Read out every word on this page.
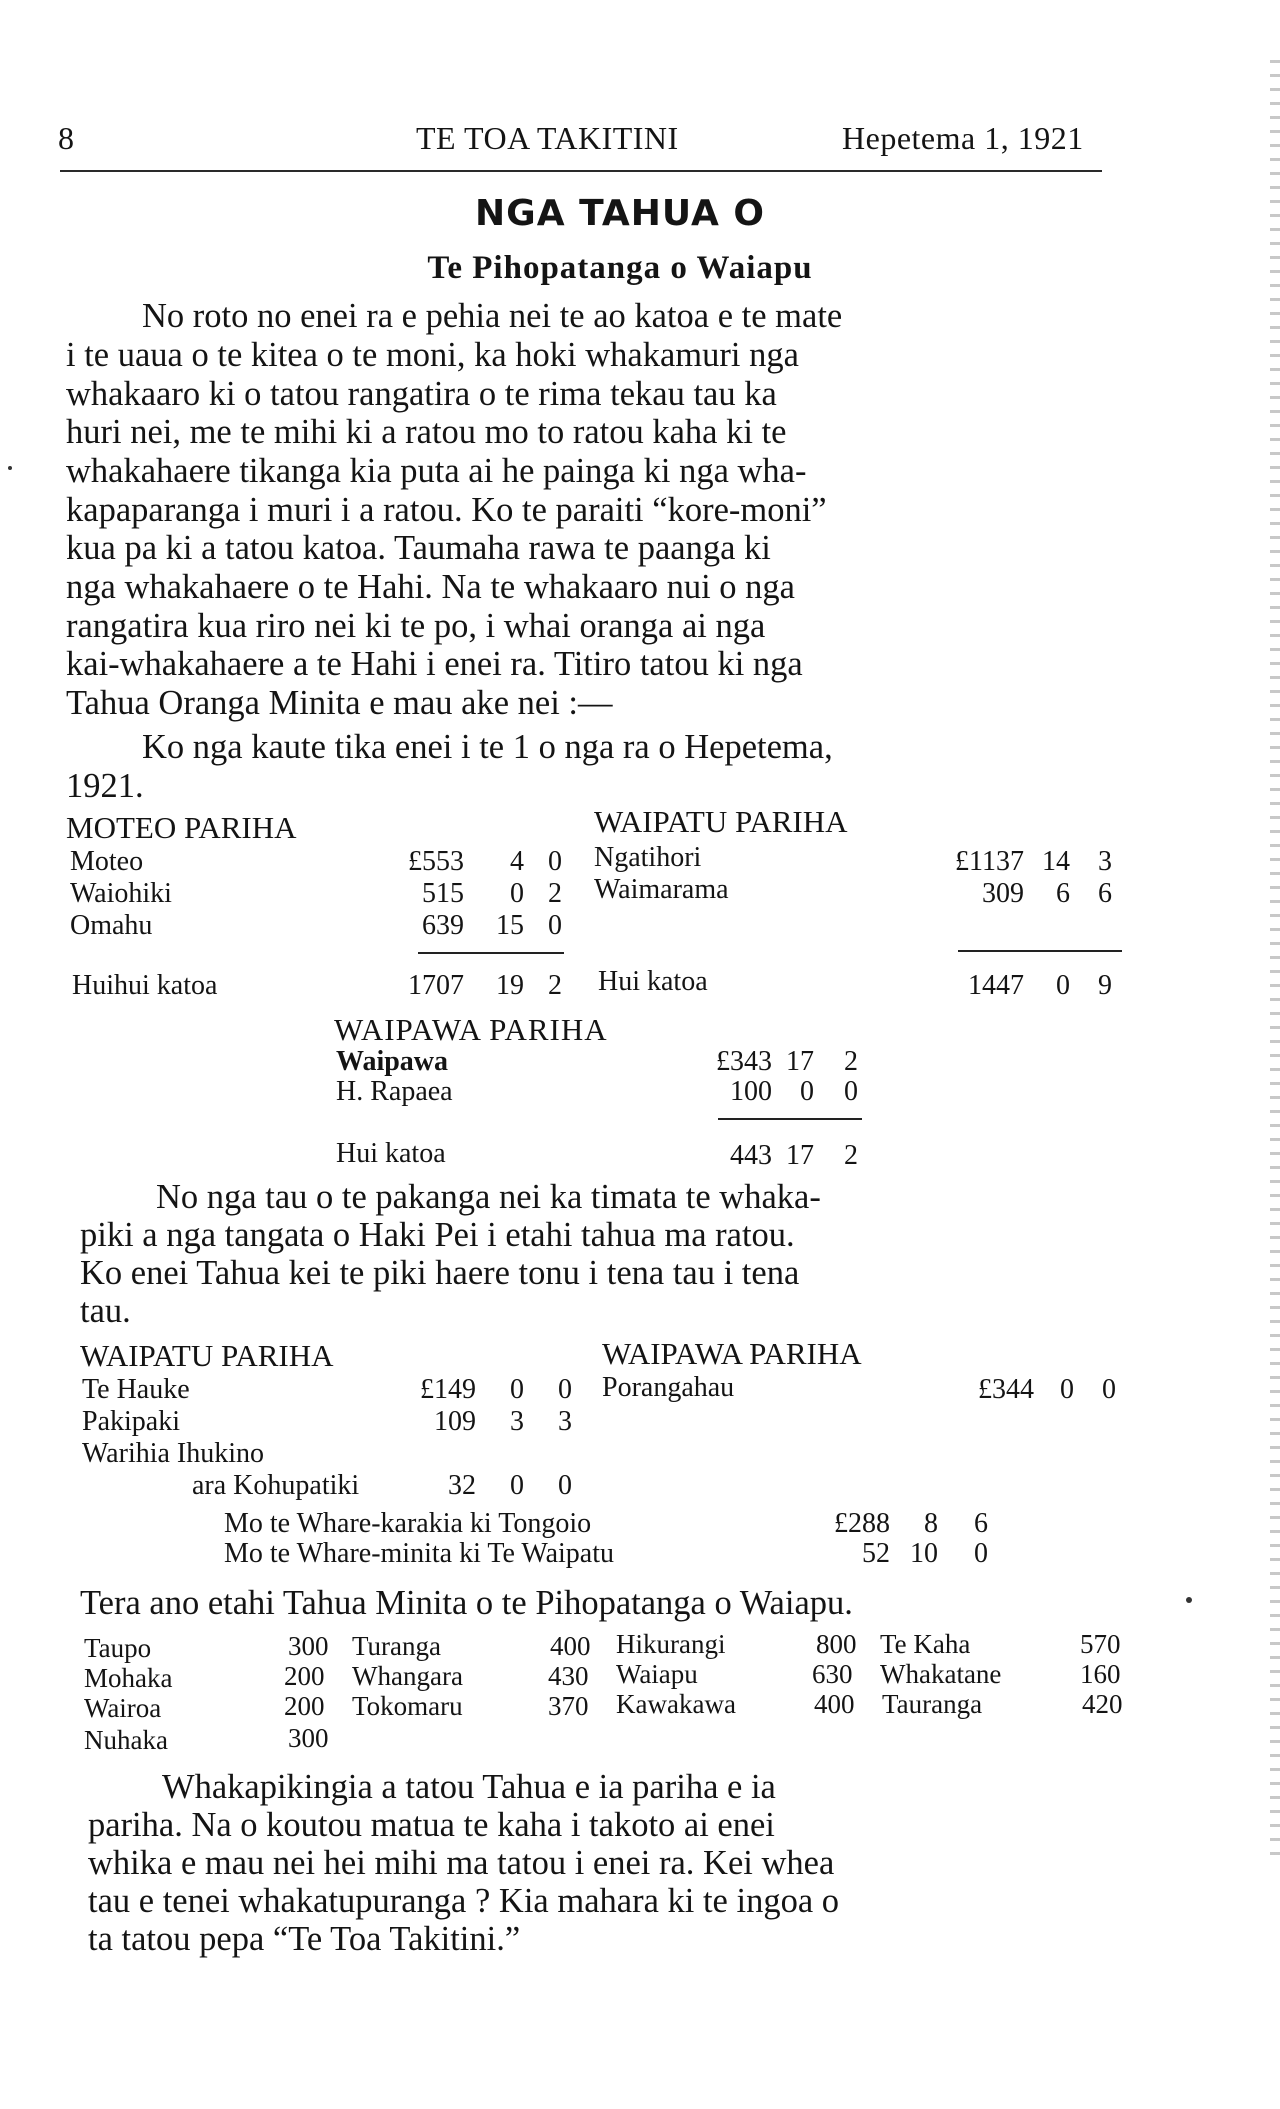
8	TE TOA TAKITINI	Hepetema 1, 1921
NGA TAHUA O
Te Pihopatanga o Waiapu
No roto no enei ra e pehia nei te ao katoa e te mate
i te uaua o te kitea o te moni, ka hoki whakamuri nga
whakaaro ki o tatou rangatira o te rima tekau tau ka
huri nei, me te mihi ki a ratou mo to ratou kaha ki te
whakahaere tikanga kia puta ai he painga ki nga wha-
kapaparanga i muri i a ratou. Ko te paraiti “kore-moni”
kua pa ki a tatou katoa. Taumaha rawa te paanga ki
nga whakahaere o te Hahi. Na te whakaaro nui o nga
rangatira kua riro nei ki te po, i whai oranga ai nga
kai-whakahaere a te Hahi i enei ra. Titiro tatou ki nga
Tahua Oranga Minita e mau ake nei :—
Ko nga kaute tika enei i te 1 o nga ra o Hepetema,
1921.
MOTEO PARIHA
Moteo	£553	4 0
Waiohiki	515	0 2
Omahu	639 15 0
Huihui katoa	1707 19 2
WAIPATU PARIHA
Ngatihori	£1137 14	3
Waimarama	309	6	6
Hui katoa	1447	0	9
WAIPAWA PARIHA
Waipawa	£343 17	2
H. Rapaea	100	0	0
Hui katoa	443 17	2
No nga tau o te pakanga nei ka timata te whaka-
piki a nga tangata o Haki Pei i etahi tahua ma ratou.
Ko enei Tahua kei te piki haere tonu i tena tau i tena
tau.
WAIPATU PARIHA
Te Hauke	£149	0	0
Pakipaki	109	3	3
Warihia Ihukino
ara Kohupatiki	32	0	0
WAIPAWA PARIHA
Porangahau	£344 0	0
Mo te Whare-karakia ki Tongoio	£288	8	6
Mo te Whare-minita ki Te Waipatu	52 10	0
Tera ano etahi Tahua Minita o te Pihopatanga o Waiapu.
Taupo	300 Turanga	400 Hikurangi	800 Te Kaha	570
Mohaka	200 Whangara	430 Waiapu	630 Whakatane	160
Wairoa	200 Tokomaru	370 Kawakawa	400 Tauranga	420
Nuhaka	300
Whakapikingia a tatou Tahua e ia pariha e ia
pariha. Na o koutou matua te kaha i takoto ai enei
whika e mau nei hei mihi ma tatou i enei ra. Kei whea
tau e tenei whakatupuranga ? Kia mahara ki te ingoa o
ta tatou pepa “Te Toa Takitini.”
